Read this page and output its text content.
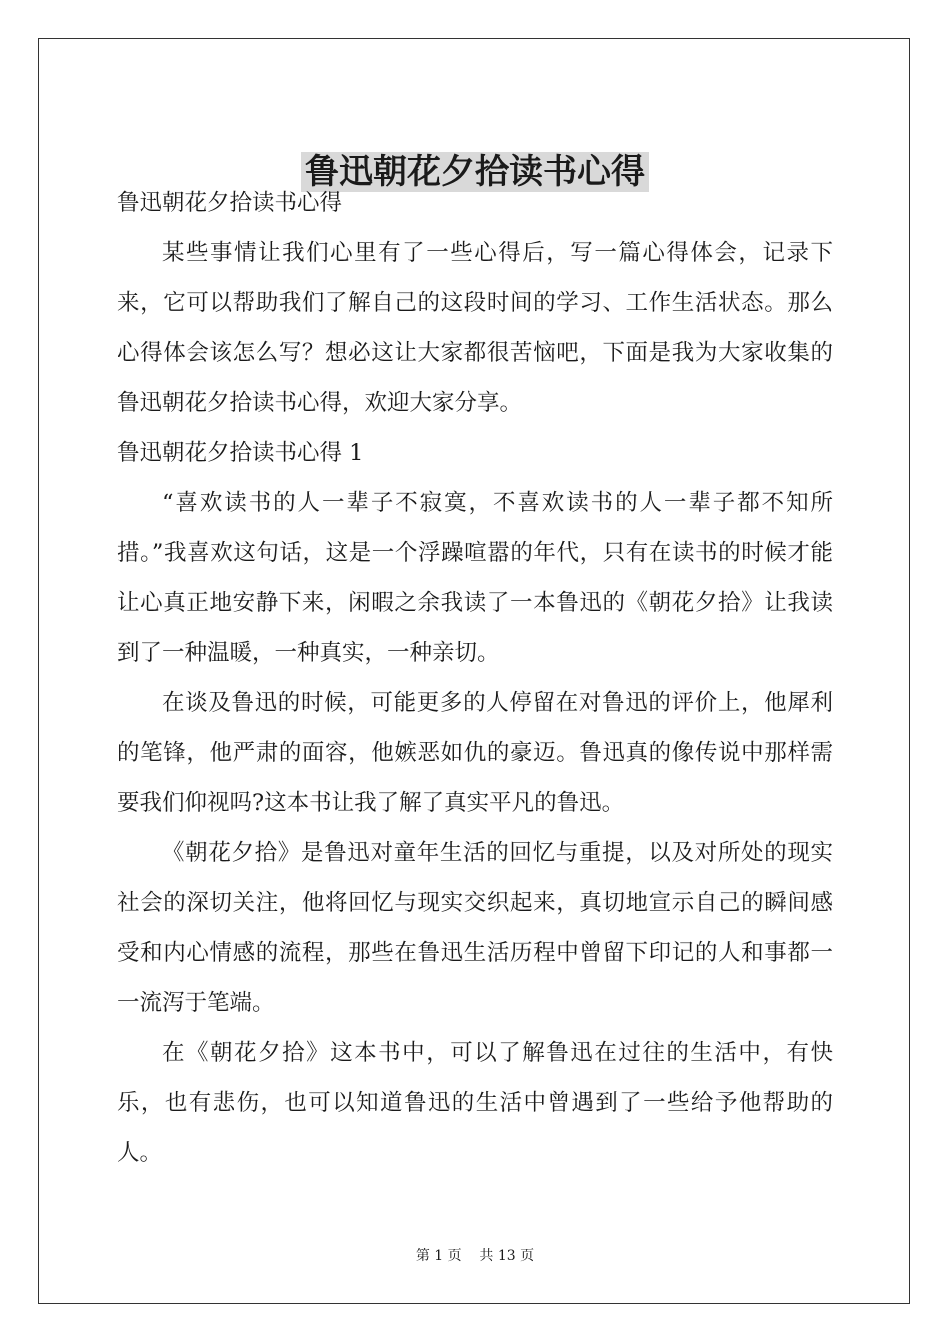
鲁迅朝花夕拾读书心得

鲁迅朝花夕拾读书心得

某些事情让我们心里有了一些心得后，写一篇心得体会，记录下来，它可以帮助我们了解自己的这段时间的学习、工作生活状态。那么心得体会该怎么写？想必这让大家都很苦恼吧，下面是我为大家收集的鲁迅朝花夕拾读书心得，欢迎大家分享。

鲁迅朝花夕拾读书心得 1

“喜欢读书的人一辈子不寂寞，不喜欢读书的人一辈子都不知所措。”我喜欢这句话，这是一个浮躁喧嚣的年代，只有在读书的时候才能让心真正地安静下来，闲暇之余我读了一本鲁迅的《朝花夕拾》让我读到了一种温暖，一种真实，一种亲切。

在谈及鲁迅的时候，可能更多的人停留在对鲁迅的评价上，他犀利的笔锋，他严肃的面容，他嫉恶如仇的豪迈。鲁迅真的像传说中那样需要我们仰视吗?这本书让我了解了真实平凡的鲁迅。

《朝花夕拾》是鲁迅对童年生活的回忆与重提，以及对所处的现实社会的深切关注，他将回忆与现实交织起来，真切地宣示自己的瞬间感受和内心情感的流程，那些在鲁迅生活历程中曾留下印记的人和事都一一流泻于笔端。

在《朝花夕拾》这本书中，可以了解鲁迅在过往的生活中，有快乐，也有悲伤，也可以知道鲁迅的生活中曾遇到了一些给予他帮助的人。

第 1 页    共 13 页
